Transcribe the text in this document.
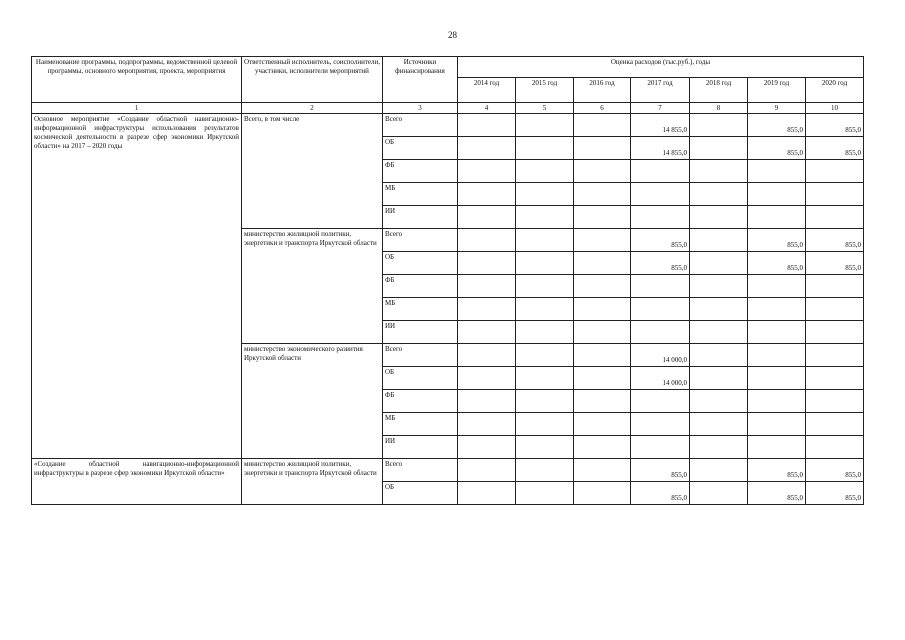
28
Наименование программы, подпрограммы, ведомственной целевой программы, основного мероприятия, проекта, мероприятия	Ответственный исполнитель, соисполнители, участники, исполнители мероприятий	Источники финансирования	Оценка расходов (тыс.руб.), годы						
			2014 год	2015 год	2016 год	2017 год	2018 год	2019 год	2020 год
1	2	3	4	5	6	7	8	9	10
Основное мероприятие «Создание областной навигационно-информационной инфраструктуры использования результатов космической деятельности в разрезе сфер экономики Иркутской области» на 2017 – 2020 годы	Всего, в том числе	Всего				14 855,0		855,0	855,0
		ОБ				14 855,0		855,0	855,0
		ФБ							
		МБ							
		ИИ							
	министерство жилищной политики, энергетики и транспорта Иркутской области	Всего				855,0		855,0	855,0
		ОБ				855,0		855,0	855,0
		ФБ							
		МБ							
		ИИ							
	министерство экономического развития Иркутской области	Всего				14 000,0			
		ОБ				14 000,0			
		ФБ							
		МБ							
		ИИ							
«Создание областной навигационно-информационной инфраструктуры в разрезе сфер экономики Иркутской области»	министерство жилищной политики, энергетики и транспорта Иркутской области	Всего				855,0		855,0	855,0
		ОБ				855,0		855,0	855,0
